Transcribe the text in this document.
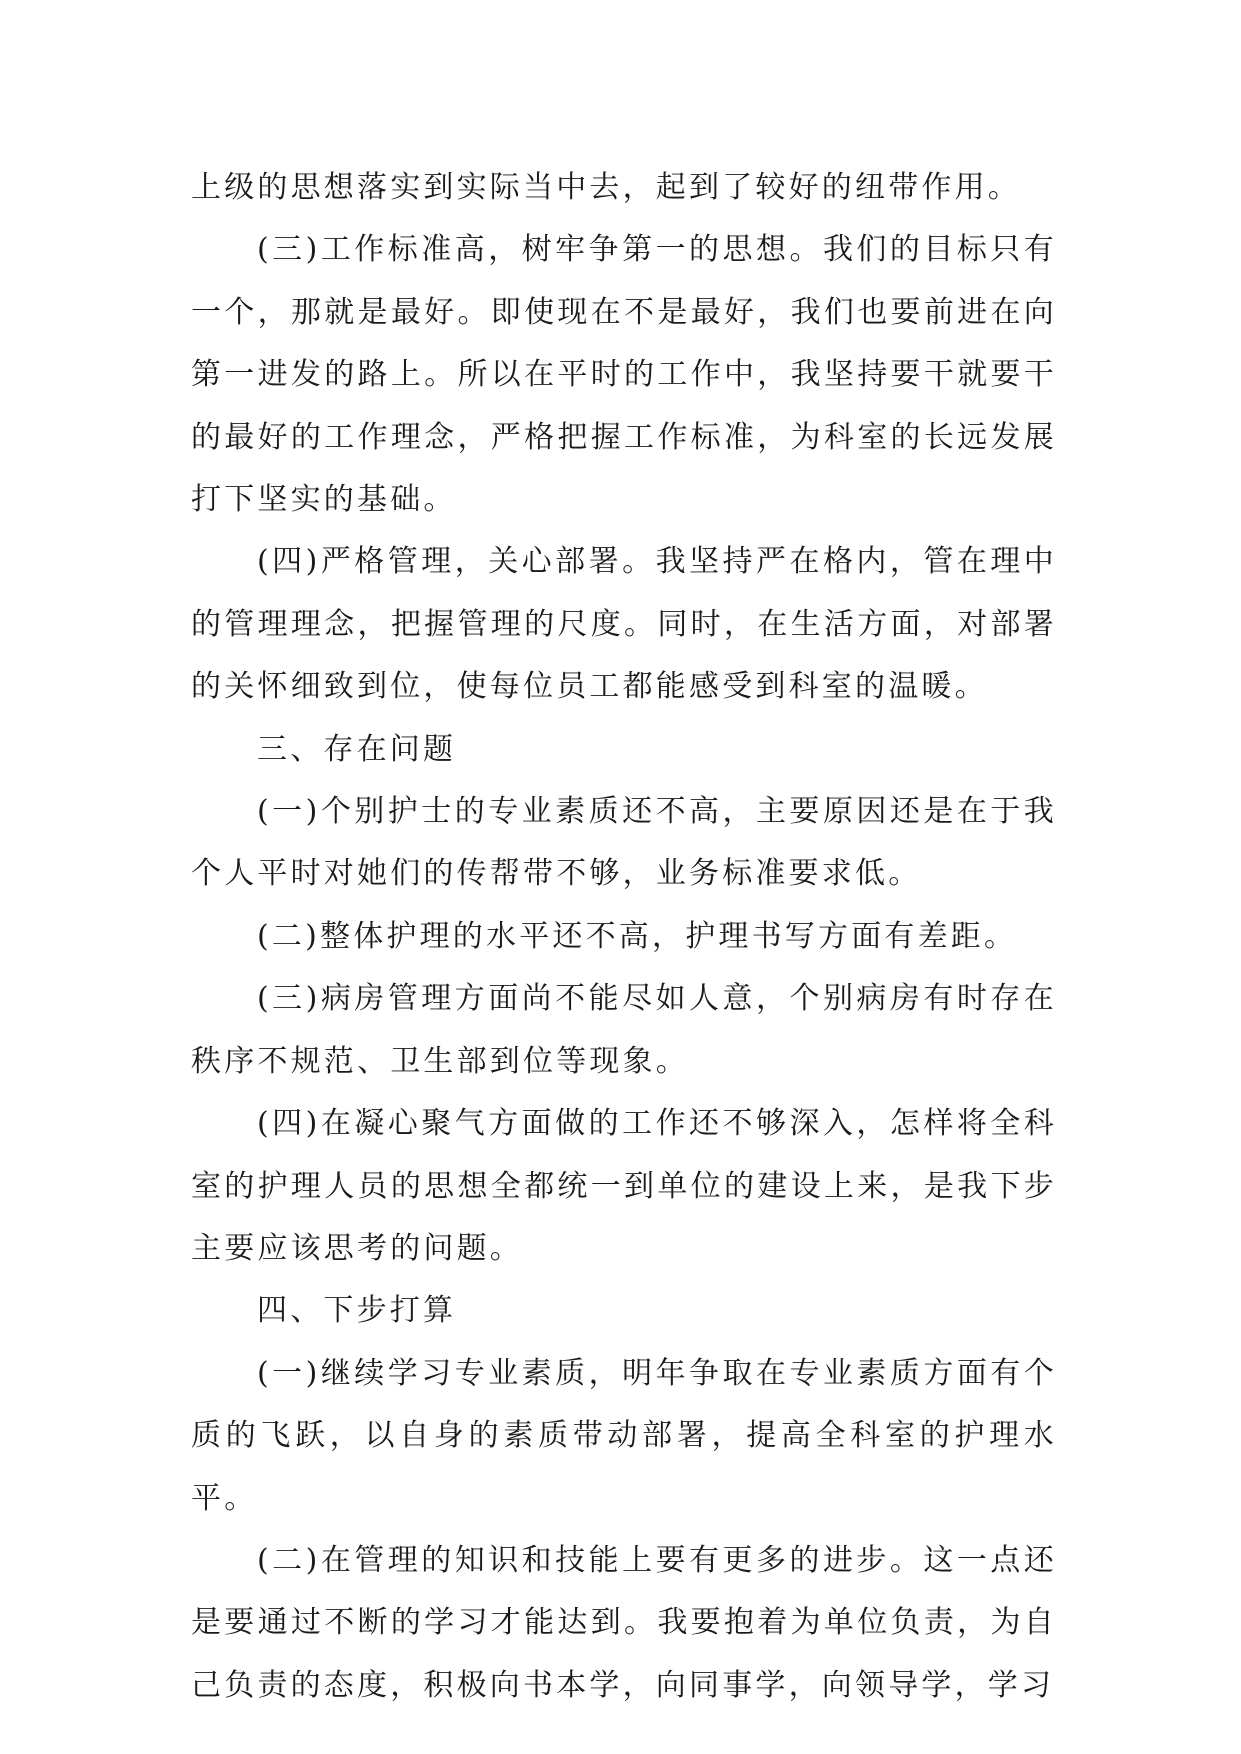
上级的思想落实到实际当中去，起到了较好的纽带作用。

(三)工作标准高，树牢争第一的思想。我们的目标只有一个，那就是最好。即使现在不是最好，我们也要前进在向第一进发的路上。所以在平时的工作中，我坚持要干就要干的最好的工作理念，严格把握工作标准，为科室的长远发展打下坚实的基础。

(四)严格管理，关心部署。我坚持严在格内，管在理中的管理理念，把握管理的尺度。同时，在生活方面，对部署的关怀细致到位，使每位员工都能感受到科室的温暖。

三、存在问题

(一)个别护士的专业素质还不高，主要原因还是在于我个人平时对她们的传帮带不够，业务标准要求低。

(二)整体护理的水平还不高，护理书写方面有差距。

(三)病房管理方面尚不能尽如人意，个别病房有时存在秩序不规范、卫生部到位等现象。

(四)在凝心聚气方面做的工作还不够深入，怎样将全科室的护理人员的思想全都统一到单位的建设上来，是我下步主要应该思考的问题。

四、下步打算

(一)继续学习专业素质，明年争取在专业素质方面有个质的飞跃，以自身的素质带动部署，提高全科室的护理水平。

(二)在管理的知识和技能上要有更多的进步。这一点还是要通过不断的学习才能达到。我要抱着为单位负责，为自己负责的态度，积极向书本学，向同事学，向领导学，学习
